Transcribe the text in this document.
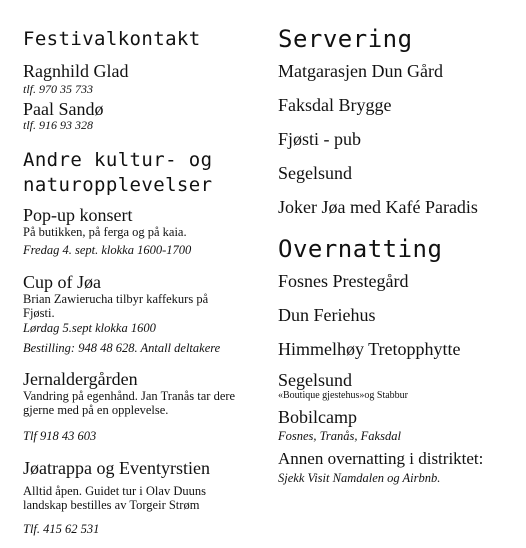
Festivalkontakt
Ragnhild Glad
tlf. 970 35 733
Paal Sandø
tlf. 916 93 328
Andre kultur- og
naturopplevelser
Pop-up konsert
På butikken, på ferga og på kaia.
Fredag 4. sept. klokka 1600-1700
Cup of Jøa
Brian Zawierucha tilbyr kaffekurs på Fjøsti.
Lørdag 5.sept klokka 1600
Bestilling: 948 48 628. Antall deltakere
Jernaldergården
Vandring på egenhånd. Jan Tranås tar dere gjerne med på en opplevelse.
Tlf 918 43 603
Jøatrappa og Eventyrstien
Alltid åpen. Guidet tur i Olav Duuns landskap bestilles av Torgeir Strøm
Tlf. 415 62 531
Servering
Matgarasjen Dun Gård
Faksdal Brygge
Fjøsti - pub
Segelsund
Joker Jøa med Kafé Paradis
Overnatting
Fosnes Prestegård
Dun Feriehus
Himmelhøy Tretopphytte
Segelsund
«Boutique gjestehus»og Stabbur
Bobilcamp
Fosnes, Tranås, Faksdal
Annen overnatting i distriktet:
Sjekk Visit Namdalen og Airbnb.
